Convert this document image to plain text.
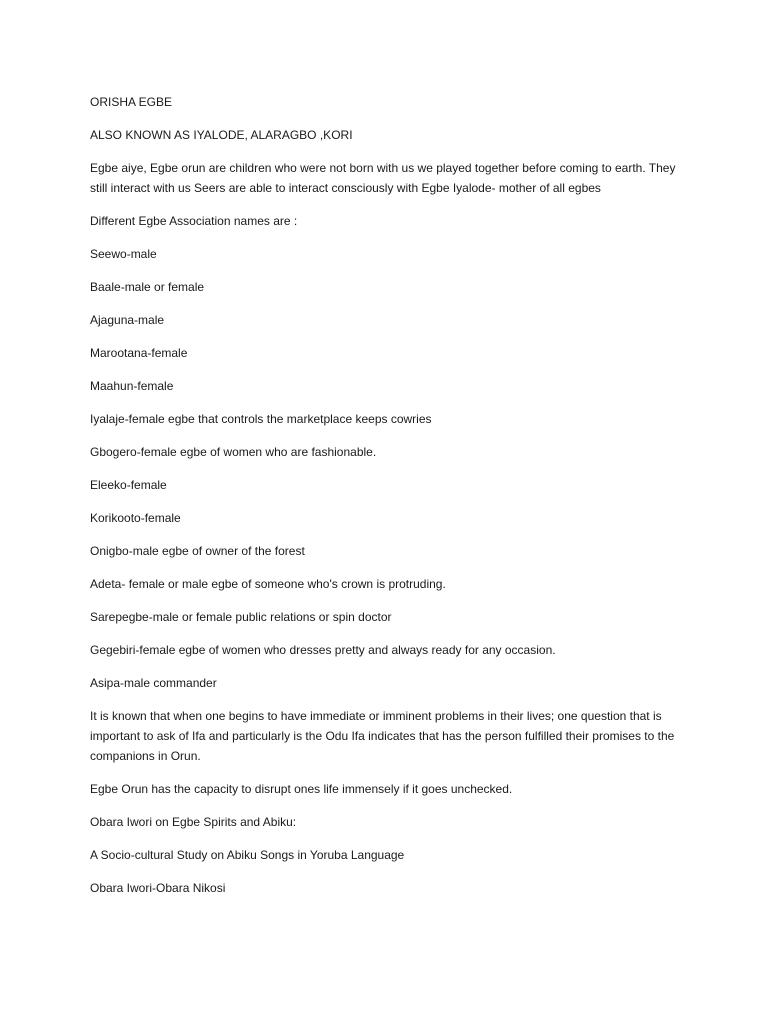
ORISHA EGBE

ALSO KNOWN AS IYALODE, ALARAGBO ,KORI

Egbe aiye, Egbe orun are children who were not born with us we played together before coming to earth. They still interact with us Seers are able to interact consciously with Egbe Iyalode- mother of all egbes

Different Egbe Association names are :

Seewo-male

Baale-male or female

Ajaguna-male

Marootana-female

Maahun-female

Iyalaje-female egbe that controls the marketplace keeps cowries

Gbogero-female egbe of women who are fashionable.

Eleeko-female

Korikooto-female

Onigbo-male egbe of owner of the forest

Adeta- female or male egbe of someone who's crown is protruding.

Sarepegbe-male or female public relations or spin doctor

Gegebiri-female egbe of women who dresses pretty and always ready for any occasion.

Asipa-male commander

It is known that when one begins to have immediate or imminent problems in their lives; one question that is important to ask of Ifa and particularly is the Odu Ifa indicates that has the person fulfilled their promises to the companions in Orun.

Egbe Orun has the capacity to disrupt ones life immensely if it goes unchecked.

Obara Iwori on Egbe Spirits and Abiku:

A Socio-cultural Study on Abiku Songs in Yoruba Language

Obara Iwori-Obara Nikosi
